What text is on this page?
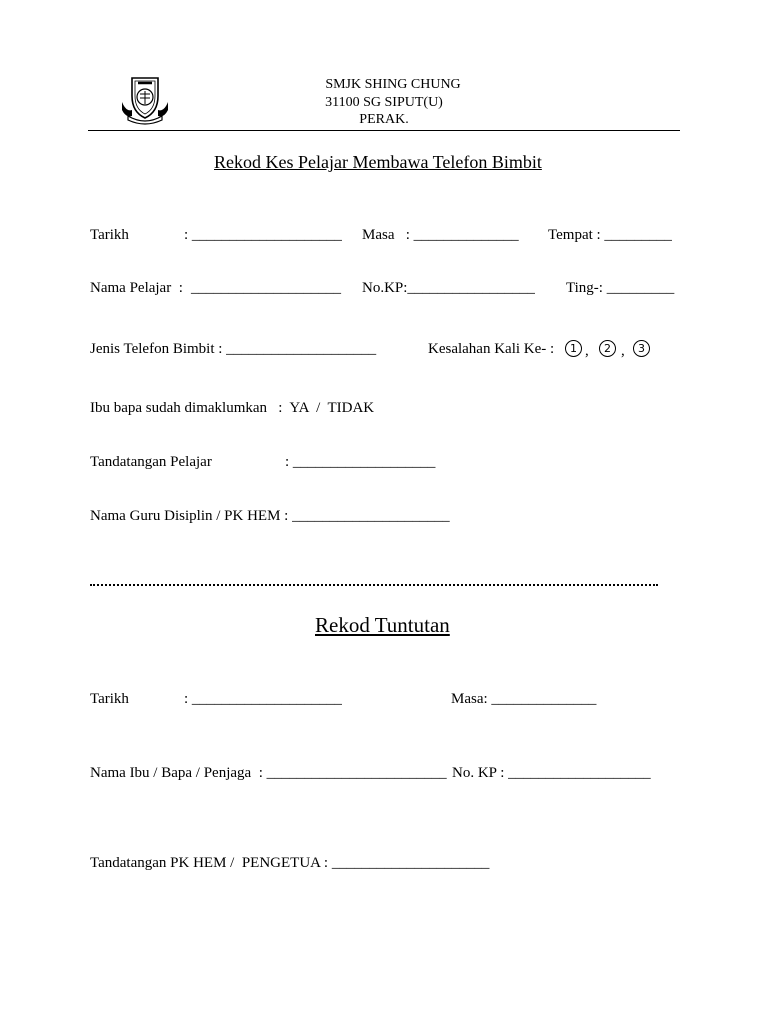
SMJK SHING CHUNG
31100 SG SIPUT(U)
PERAK.
Rekod Kes Pelajar Membawa Telefon Bimbit
Tarikh	: ____________________ Masa   : ______________ Tempat : _________
Nama Pelajar  : ____________________ No.KP:_________________ Ting-: _________
Jenis Telefon Bimbit : ____________________	Kesalahan Kali Ke- :	1 ,	2 ,	3
Ibu bapa sudah dimaklumkan   :  YA  /  TIDAK
Tandatangan Pelajar	: ___________________
Nama Guru Disiplin / PK HEM : _____________________
Rekod Tuntutan
Tarikh	: ____________________	Masa: ______________
Nama Ibu / Bapa / Penjaga  : ________________________ No. KP : ___________________
Tandatangan PK HEM /  PENGETUA : _____________________
